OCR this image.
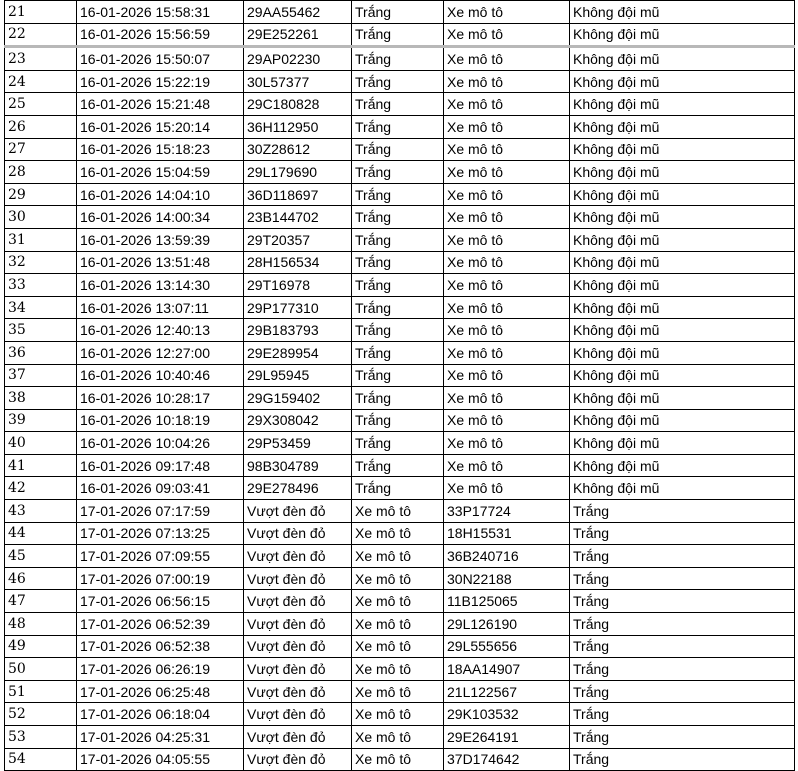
21	16-01-2026 15:58:31	29AA55462	Trắng	Xe mô tô	Không đội mũ
22	16-01-2026 15:56:59	29E252261	Trắng	Xe mô tô	Không đội mũ
23	16-01-2026 15:50:07	29AP02230	Trắng	Xe mô tô	Không đội mũ
24	16-01-2026 15:22:19	30L57377	Trắng	Xe mô tô	Không đội mũ
25	16-01-2026 15:21:48	29C180828	Trắng	Xe mô tô	Không đội mũ
26	16-01-2026 15:20:14	36H112950	Trắng	Xe mô tô	Không đội mũ
27	16-01-2026 15:18:23	30Z28612	Trắng	Xe mô tô	Không đội mũ
28	16-01-2026 15:04:59	29L179690	Trắng	Xe mô tô	Không đội mũ
29	16-01-2026 14:04:10	36D118697	Trắng	Xe mô tô	Không đội mũ
30	16-01-2026 14:00:34	23B144702	Trắng	Xe mô tô	Không đội mũ
31	16-01-2026 13:59:39	29T20357	Trắng	Xe mô tô	Không đội mũ
32	16-01-2026 13:51:48	28H156534	Trắng	Xe mô tô	Không đội mũ
33	16-01-2026 13:14:30	29T16978	Trắng	Xe mô tô	Không đội mũ
34	16-01-2026 13:07:11	29P177310	Trắng	Xe mô tô	Không đội mũ
35	16-01-2026 12:40:13	29B183793	Trắng	Xe mô tô	Không đội mũ
36	16-01-2026 12:27:00	29E289954	Trắng	Xe mô tô	Không đội mũ
37	16-01-2026 10:40:46	29L95945	Trắng	Xe mô tô	Không đội mũ
38	16-01-2026 10:28:17	29G159402	Trắng	Xe mô tô	Không đội mũ
39	16-01-2026 10:18:19	29X308042	Trắng	Xe mô tô	Không đội mũ
40	16-01-2026 10:04:26	29P53459	Trắng	Xe mô tô	Không đội mũ
41	16-01-2026 09:17:48	98B304789	Trắng	Xe mô tô	Không đội mũ
42	16-01-2026 09:03:41	29E278496	Trắng	Xe mô tô	Không đội mũ
43	17-01-2026 07:17:59	Vượt đèn đỏ	Xe mô tô	33P17724	Trắng
44	17-01-2026 07:13:25	Vượt đèn đỏ	Xe mô tô	18H15531	Trắng
45	17-01-2026 07:09:55	Vượt đèn đỏ	Xe mô tô	36B240716	Trắng
46	17-01-2026 07:00:19	Vượt đèn đỏ	Xe mô tô	30N22188	Trắng
47	17-01-2026 06:56:15	Vượt đèn đỏ	Xe mô tô	11B125065	Trắng
48	17-01-2026 06:52:39	Vượt đèn đỏ	Xe mô tô	29L126190	Trắng
49	17-01-2026 06:52:38	Vượt đèn đỏ	Xe mô tô	29L555656	Trắng
50	17-01-2026 06:26:19	Vượt đèn đỏ	Xe mô tô	18AA14907	Trắng
51	17-01-2026 06:25:48	Vượt đèn đỏ	Xe mô tô	21L122567	Trắng
52	17-01-2026 06:18:04	Vượt đèn đỏ	Xe mô tô	29K103532	Trắng
53	17-01-2026 04:25:31	Vượt đèn đỏ	Xe mô tô	29E264191	Trắng
54	17-01-2026 04:05:55	Vượt đèn đỏ	Xe mô tô	37D174642	Trắng
